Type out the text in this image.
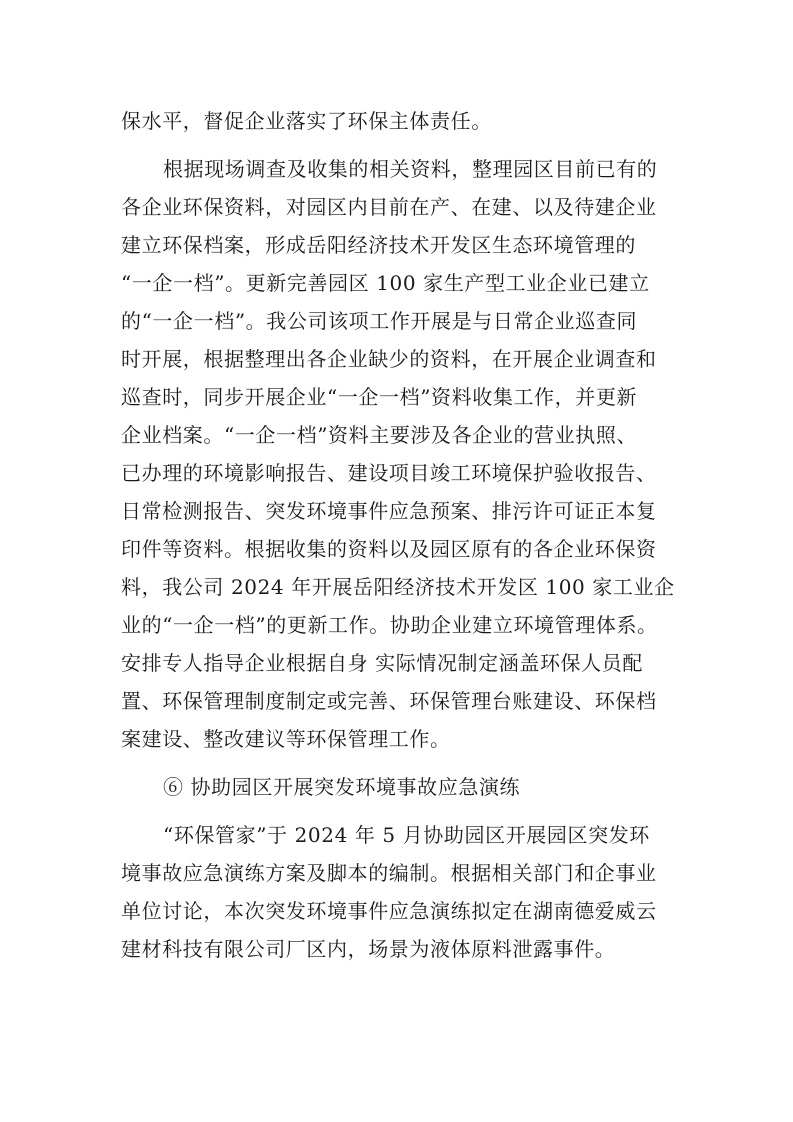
保水平，督促企业落实了环保主体责任。
根据现场调查及收集的相关资料，整理园区目前已有的
各企业环保资料，对园区内目前在产、在建、以及待建企业
建立环保档案，形成岳阳经济技术开发区生态环境管理的
“一企一档”。更新完善园区 100 家生产型工业企业已建立
的“一企一档”。我公司该项工作开展是与日常企业巡查同
时开展，根据整理出各企业缺少的资料，在开展企业调查和
巡查时，同步开展企业“一企一档”资料收集工作，并更新
企业档案。“一企一档”资料主要涉及各企业的营业执照、
已办理的环境影响报告、建设项目竣工环境保护验收报告、
日常检测报告、突发环境事件应急预案、排污许可证正本复
印件等资料。根据收集的资料以及园区原有的各企业环保资
料，我公司 2024 年开展岳阳经济技术开发区 100 家工业企
业的“一企一档”的更新工作。协助企业建立环境管理体系。
安排专人指导企业根据自身 实际情况制定涵盖环保人员配
置、环保管理制度制定或完善、环保管理台账建设、环保档
案建设、整改建议等环保管理工作。
⑥ 协助园区开展突发环境事故应急演练
“环保管家”于 2024 年 5 月协助园区开展园区突发环
境事故应急演练方案及脚本的编制。根据相关部门和企事业
单位讨论，本次突发环境事件应急演练拟定在湖南德爱威云
建材科技有限公司厂区内，场景为液体原料泄露事件。
